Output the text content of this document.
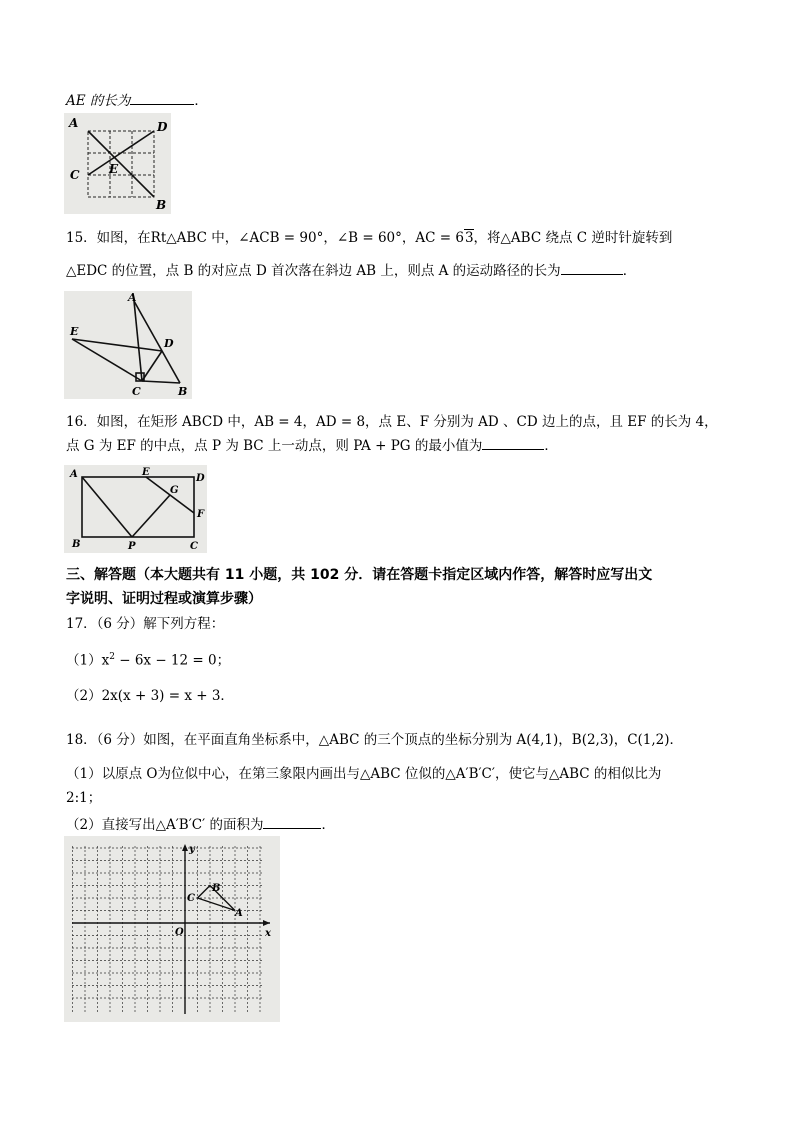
AE 的长为	．
A	D
C E
B
15．如图，在Rt△ABC 中，∠ACB = 90°，∠B = 60°，AC = 63，将△ABC 绕点 C 逆时针旋转到
△EDC 的位置，点 B 的对应点 D 首次落在斜边 AB 上，则点 A 的运动路径的长为	．
A
E
D
C	B
16．如图，在矩形 ABCD 中，AB = 4，AD = 8，点 E、F 分别为 AD 、CD 边上的点，且 EF 的长为 4，
点 G 为 EF 的中点，点 P 为 BC 上一动点，则 PA + PG 的最小值为	．
A	E
D
G
F
B	P	C
三、解答题（本大题共有 11 小题，共 102 分．请在答题卡指定区域内作答，解答时应写出文
字说明、证明过程或演算步骤）
17．（6 分）解下列方程：
$(1)x^2 - 6x - 12 = 0$；
（2）2x(x + 3) = x + 3．
18．（6 分）如图，在平面直角坐标系中，△ABC 的三个顶点的坐标分别为 A(4,1)，B(2,3)，C(1,2)．
（1）以原点 O为位似中心，在第三象限内画出与△ABC 位似的△A′B′C′，使它与△ABC 的相似比为
2:1；
（2）直接写出△A′B′C′ 的面积为	．
y
x
O
B
C
A
